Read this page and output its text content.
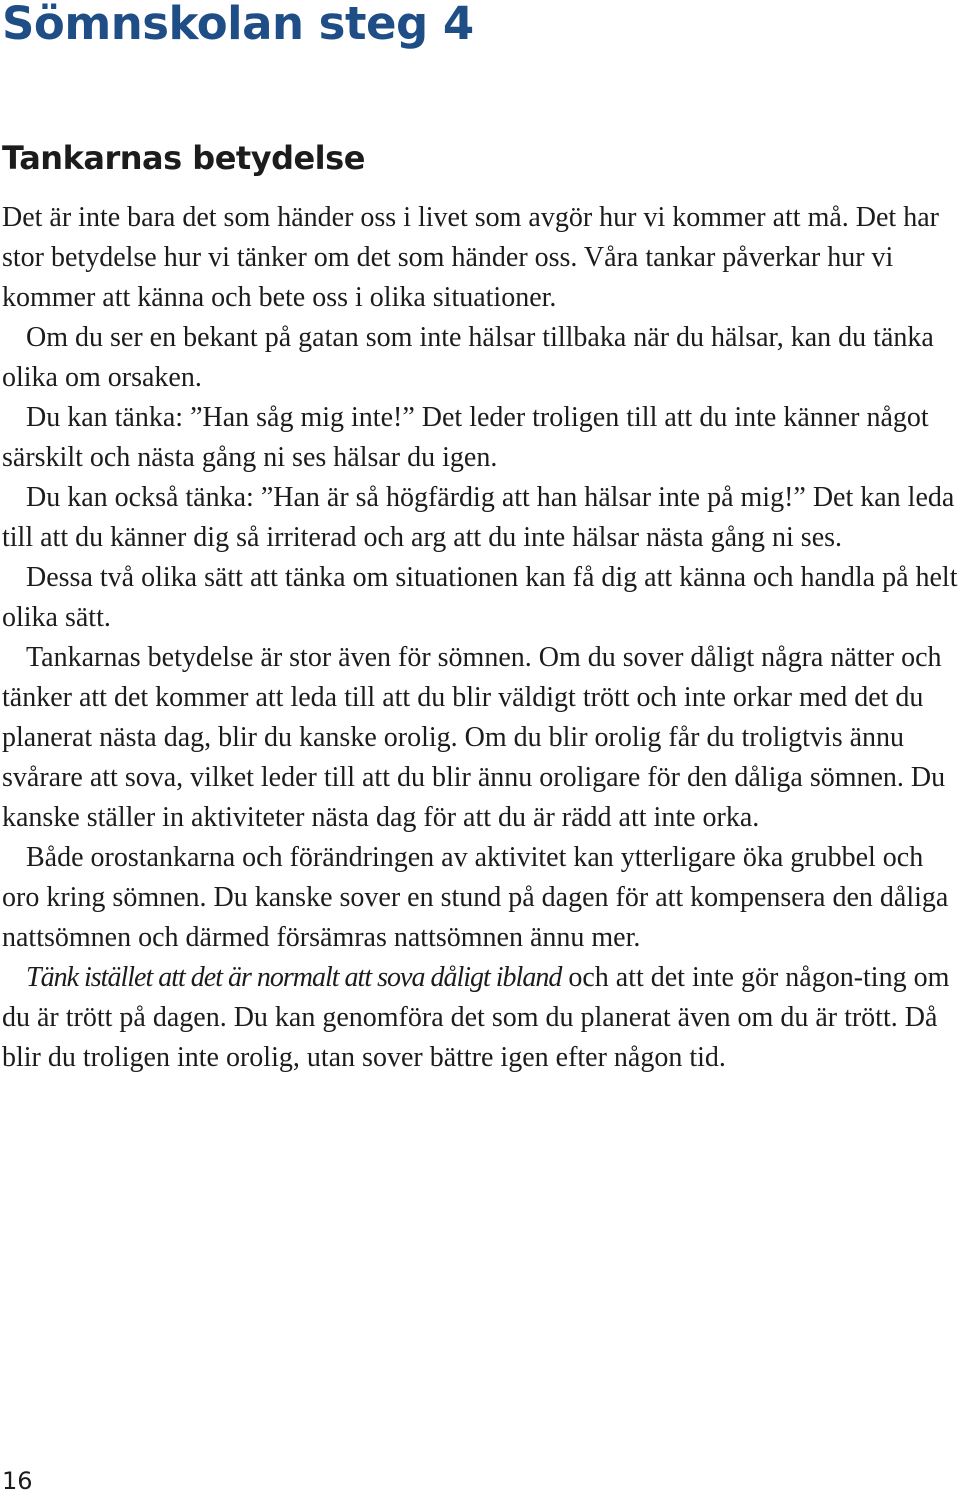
Sömnskolan steg 4
Tankarnas betydelse

Det är inte bara det som händer oss i livet som avgör hur vi kommer att må. Det har stor betydelse hur vi tänker om det som händer oss. Våra tankar påverkar hur vi kommer att känna och bete oss i olika situationer.

Om du ser en bekant på gatan som inte hälsar tillbaka när du hälsar, kan du tänka olika om orsaken.

Du kan tänka: ”Han såg mig inte!” Det leder troligen till att du inte känner något särskilt och nästa gång ni ses hälsar du igen.

Du kan också tänka: ”Han är så högfärdig att han hälsar inte på mig!” Det kan leda till att du känner dig så irriterad och arg att du inte hälsar nästa gång ni ses.

Dessa två olika sätt att tänka om situationen kan få dig att känna och handla på helt olika sätt.

Tankarnas betydelse är stor även för sömnen. Om du sover dåligt några nätter och tänker att det kommer att leda till att du blir väldigt trött och inte orkar med det du planerat nästa dag, blir du kanske orolig. Om du blir orolig får du troligtvis ännu svårare att sova, vilket leder till att du blir ännu oroligare för den dåliga sömnen. Du kanske ställer in aktiviteter nästa dag för att du är rädd att inte orka.

Både orostankarna och förändringen av aktivitet kan ytterligare öka grubbel och oro kring sömnen. Du kanske sover en stund på dagen för att kompensera den dåliga nattsömnen och därmed försämras nattsömnen ännu mer.

Tänk istället att det är normalt att sova dåligt ibland och att det inte gör någon-ting om du är trött på dagen. Du kan genomföra det som du planerat även om du är trött. Då blir du troligen inte orolig, utan sover bättre igen efter någon tid.

16
